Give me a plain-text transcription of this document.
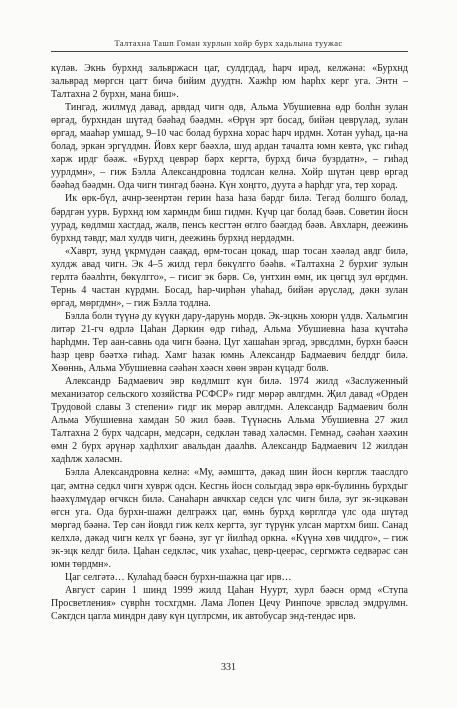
Талтахна Ташп Гоман хурлын хойр бурх хадьлына туужас

күләв. Экнь бурхнд зальвржасн цаг, сулдгдад, һарч ирәд, келжәнә: «Бурхнд зальврад мөргсн цагт бичә бийим дуудтн. Хажһр юм һарһх керг уга. Энтн – Талтахна 2 бурхн, мана биш».

Тингәд, жилмүд давад, арвдад чигн одв, Альма Убушиевна өдр болһн зулан өргәд, бурхндан шүтәд бәәһәд бәәдмн. «Өрүн эрт босад, бийән цеврүләд, зулан өргәд, мааһәр умшад, 9–10 час болад бурхна хорас һарч ирдмн. Хотан ууһад, ца-на болад, эркән эргүлдмн. Йовх керг бәәхлә, шуд ардан тачалта юмн кевтә, үкс гиһәд хәрж ирдг бәәж. «Бурхд цеврәр бәрх кергтә, бурхд бичә бузрдатн», – гиһәд уурлдмн», – гиж Бэлла Александровна тодлсан келнә. Хойр шүтән цевр өргәд бәәһәд бәәдмн. Ода чигн тингәд бәәнә. Күн хоңгго, дуута ә һарһдг уга, тер хорад.

Ик өрк-бүл, ачнр-зеенртән герин һаза һаза бәрдг билә. Тегәд болшго болад, бәрдгән уурв. Бурхнд юм хармндм биш гидмн. Күчр цаг болад бәәв. Советин йосн уурад, көдлмш хасгдад, жалв, пенсь кесгтән өглго бәәгдәд бәәв. Авхларн, деежинь бурхнд тәвдг, мал хулдв чигн, деежинь бурхнд нердәдмн.

«Хаврт, зунд үкрмүдән саақад, өрм-тосан цокад, шар тосан хәәләд авдг билә, хулдж авад чигн. Эк 4–5 жилд герл бөкүлгго бәәһв. «Талтахна 2 бурхиг зулын герлтә бәәлһтн, бөкүлгго», – гисиг эк бәрв. Сө, унтхин өмн, ик цөгцд зул өргдмн. Тернь 4 частан күрдмн. Босад, һар-чирһән уһаһад, бийән әрүсләд, дәкн зулан өргәд, мөргдмн», – гиж Бэлла тодлна.

Бэлла болн түүнә ду күүкн дару-дарунь мордв. Эк-эцкнь хоюрн үлдв. Хальмгин литәр 21-гч өдрлә Цаһан Дәркин өдр гиһәд, Альма Убушиевна һаза күчтәһә һарһдмн. Тер аан-савнь ода чигн бәәнә. Цуг хашаһан эргәд, эрвсдлмн, бурхн бәәсн һазр цевр бәәтхә гиһәд. Хамг һазак юмнь Александр Бадмаевич белддг билә. Хөөннь, Альма Убушиевна сәәһән хәәсн хөөн эврән күцәдг болв.

Александр Бадмаевич эвр көдлмшт күн билә. 1974 жилд «Заслуженный механизатор сельского хозяйства РСФСР» гидг мөрәр әвлгдмн. Җил давад «Орден Трудовой славы 3 степени» гидг ик мөрәр әвлгдмн. Александр Бадмаевич болн Альма Убушиевна хамдан 50 жил бәәв. Түүнәснь Альма Убушиевна 27 жил Талтахна 2 бурх чадсарн, медсәрн, седклән тәвәд хәләсмн. Гемнәд, сәәһән хәәхин өмн 2 бурх әрүнәр хадһлхиг авальдан даалһв. Александр Бадмаевич 12 жилдән хадһлж хәләсмн.

Бэлла Александровна келнә: «Му, әәмшгтә, дәкәд шин йосн көрглж тааслдго цаг, әмтнә седкл чигн хуврж одсн. Кесгнь йосн сольгдад эврә өрк-бүлиннь бурхдыг һәәхүлмүдәр өгчксн билә. Санаһарн авчкхар седсн үлс чигн билә, зуг эк-эцкәвән өгсн уга. Ода бурхн-шажн делгрәжх цаг, өмнь бурхд көрглгдә үлс ода шүтәд мөргәд бәәнә. Тер сән йовдл гиж келх кергтә, зуг түрүнк улсан мартхм биш. Санад келхлә, дәкәд чигн келх үг бәәнә, зуг үг йилһәд оркна. «Күүнә хөв чиддго», – гиж эк-эцк келдг билә. Цаһан седкләс, чик ухаһас, цевр-цеерәс, сергмжтә седвәрәс сән юмн төрдмн».

Цаг селгәтә… Кулаһад бәәсн бурхн-шажна цаг ирв…

Август сарин 1 шинд 1999 жилд Цаһан Нуурт, хурл бәәсн ормд «Ступа Просветления» сүврһн тосхгдмн. Лама Лопен Цечу Ринпоче эрвсләд эмдрүлмн. Сәкгдсн цагла миндрн даву күн цуглрсмн, ик автобусар энд-тендәс ирв.

331
